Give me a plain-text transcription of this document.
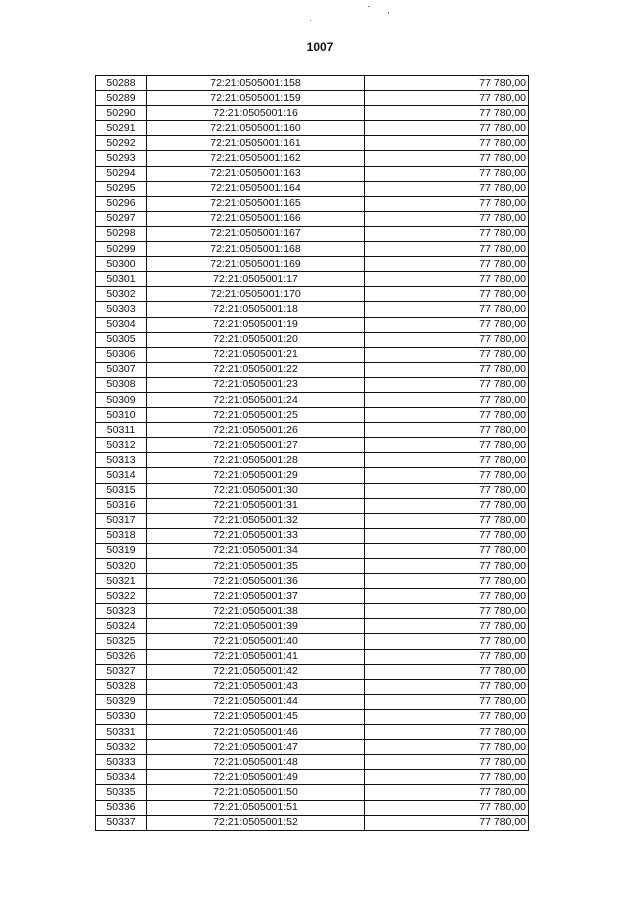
1007
50288	72:21:0505001:158	77 780,00
50289	72:21:0505001:159	77 780,00
50290	72:21:0505001:16	77 780,00
50291	72:21:0505001:160	77 780,00
50292	72:21:0505001:161	77 780,00
50293	72:21:0505001:162	77 780,00
50294	72:21:0505001:163	77 780,00
50295	72:21:0505001:164	77 780,00
50296	72:21:0505001:165	77 780,00
50297	72:21:0505001:166	77 780,00
50298	72:21:0505001:167	77 780,00
50299	72:21:0505001:168	77 780,00
50300	72:21:0505001:169	77 780,00
50301	72:21:0505001:17	77 780,00
50302	72:21:0505001:170	77 780,00
50303	72:21:0505001:18	77 780,00
50304	72:21:0505001:19	77 780,00
50305	72:21:0505001:20	77 780,00
50306	72:21:0505001:21	77 780,00
50307	72:21:0505001:22	77 780,00
50308	72:21:0505001:23	77 780,00
50309	72:21:0505001:24	77 780,00
50310	72:21:0505001:25	77 780,00
50311	72:21:0505001:26	77 780,00
50312	72:21:0505001:27	77 780,00
50313	72:21:0505001:28	77 780,00
50314	72:21:0505001:29	77 780,00
50315	72:21:0505001:30	77 780,00
50316	72:21:0505001:31	77 780,00
50317	72:21:0505001:32	77 780,00
50318	72:21:0505001:33	77 780,00
50319	72:21:0505001:34	77 780,00
50320	72:21:0505001:35	77 780,00
50321	72:21:0505001:36	77 780,00
50322	72:21:0505001:37	77 780,00
50323	72:21:0505001:38	77 780,00
50324	72:21:0505001:39	77 780,00
50325	72:21:0505001:40	77 780,00
50326	72:21:0505001:41	77 780,00
50327	72:21:0505001:42	77 780,00
50328	72:21:0505001:43	77 780,00
50329	72:21:0505001:44	77 780,00
50330	72:21:0505001:45	77 780,00
50331	72:21:0505001:46	77 780,00
50332	72:21:0505001:47	77 780,00
50333	72:21:0505001:48	77 780,00
50334	72:21:0505001:49	77 780,00
50335	72:21:0505001:50	77 780,00
50336	72:21:0505001:51	77 780,00
50337	72:21:0505001:52	77 780,00
